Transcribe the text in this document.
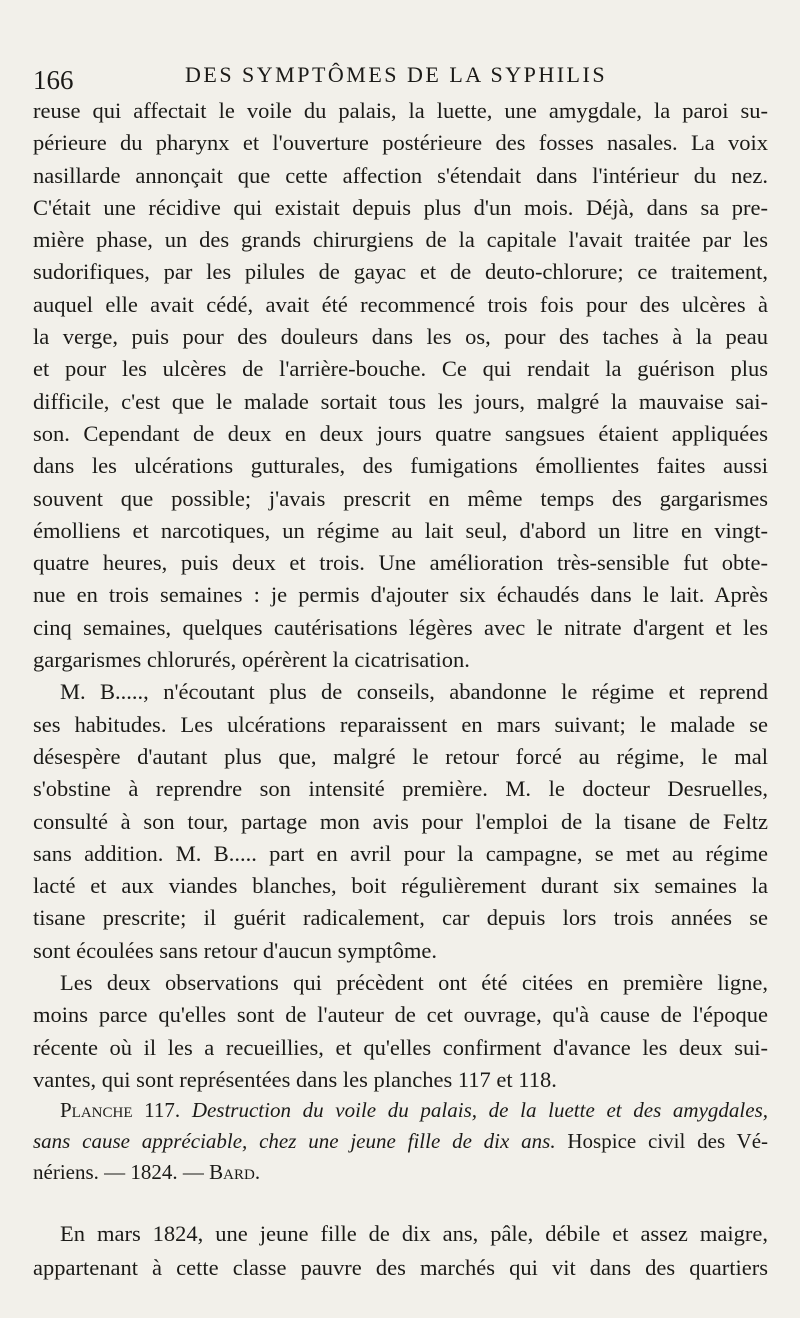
166	DES SYMPTÔMES DE LA SYPHILIS
reuse qui affectait le voile du palais, la luette, une amygdale, la paroi su-
périeure du pharynx et l'ouverture postérieure des fosses nasales. La voix
nasillarde annonçait que cette affection s'étendait dans l'intérieur du nez.
C'était une récidive qui existait depuis plus d'un mois. Déjà, dans sa pre-
mière phase, un des grands chirurgiens de la capitale l'avait traitée par les
sudorifiques, par les pilules de gayac et de deuto-chlorure; ce traitement,
auquel elle avait cédé, avait été recommencé trois fois pour des ulcères à
la verge, puis pour des douleurs dans les os, pour des taches à la peau
et pour les ulcères de l'arrière-bouche. Ce qui rendait la guérison plus
difficile, c'est que le malade sortait tous les jours, malgré la mauvaise sai-
son. Cependant de deux en deux jours quatre sangsues étaient appliquées
dans les ulcérations gutturales, des fumigations émollientes faites aussi
souvent que possible; j'avais prescrit en même temps des gargarismes
émolliens et narcotiques, un régime au lait seul, d'abord un litre en vingt-
quatre heures, puis deux et trois. Une amélioration très-sensible fut obte-
nue en trois semaines : je permis d'ajouter six échaudés dans le lait. Après
cinq semaines, quelques cautérisations légères avec le nitrate d'argent et les
gargarismes chlorurés, opérèrent la cicatrisation.
M. B....., n'écoutant plus de conseils, abandonne le régime et reprend
ses habitudes. Les ulcérations reparaissent en mars suivant; le malade se
désespère d'autant plus que, malgré le retour forcé au régime, le mal
s'obstine à reprendre son intensité première. M. le docteur Desruelles,
consulté à son tour, partage mon avis pour l'emploi de la tisane de Feltz
sans addition. M. B..... part en avril pour la campagne, se met au régime
lacté et aux viandes blanches, boit régulièrement durant six semaines la
tisane prescrite; il guérit radicalement, car depuis lors trois années se
sont écoulées sans retour d'aucun symptôme.
Les deux observations qui précèdent ont été citées en première ligne,
moins parce qu'elles sont de l'auteur de cet ouvrage, qu'à cause de l'époque
récente où il les a recueillies, et qu'elles confirment d'avance les deux sui-
vantes, qui sont représentées dans les planches 117 et 118.
Planche 117. Destruction du voile du palais, de la luette et des amygdales,
sans cause appréciable, chez une jeune fille de dix ans. Hospice civil des Vé-
nériens. — 1824. — Bard.
En mars 1824, une jeune fille de dix ans, pâle, débile et assez maigre,
appartenant à cette classe pauvre des marchés qui vit dans des quartiers
